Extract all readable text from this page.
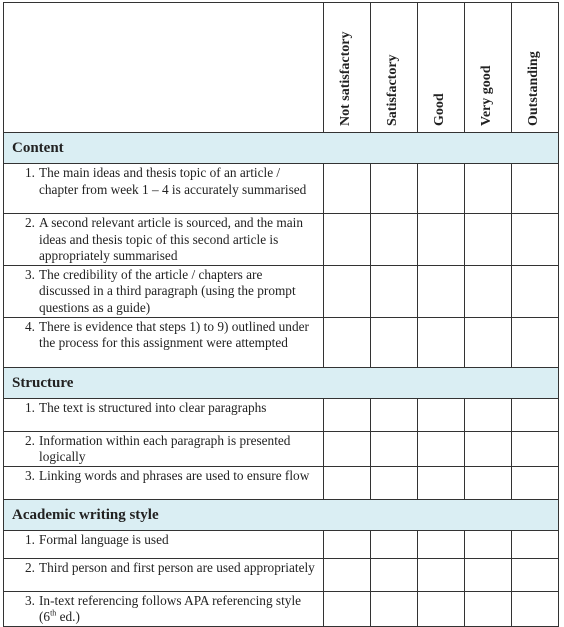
	Not satisfactory	Satisfactory	Good	Very good	Outstanding

Content					
1. The main ideas and thesis topic of an article / chapter from week 1 – 4 is accurately summarised					
2. A second relevant article is sourced, and the main ideas and thesis topic of this second article is appropriately summarised					
3. The credibility of the article / chapters are discussed in a third paragraph (using the prompt questions as a guide)					
4. There is evidence that steps 1) to 9) outlined under the process for this assignment were attempted					
Structure					
1. The text is structured into clear paragraphs					
2. Information within each paragraph is presented logically					
3. Linking words and phrases are used to ensure flow					
Academic writing style					
1. Formal language is used					
2. Third person and first person are used appropriately					
3. In-text referencing follows APA referencing style (6th ed.)					
